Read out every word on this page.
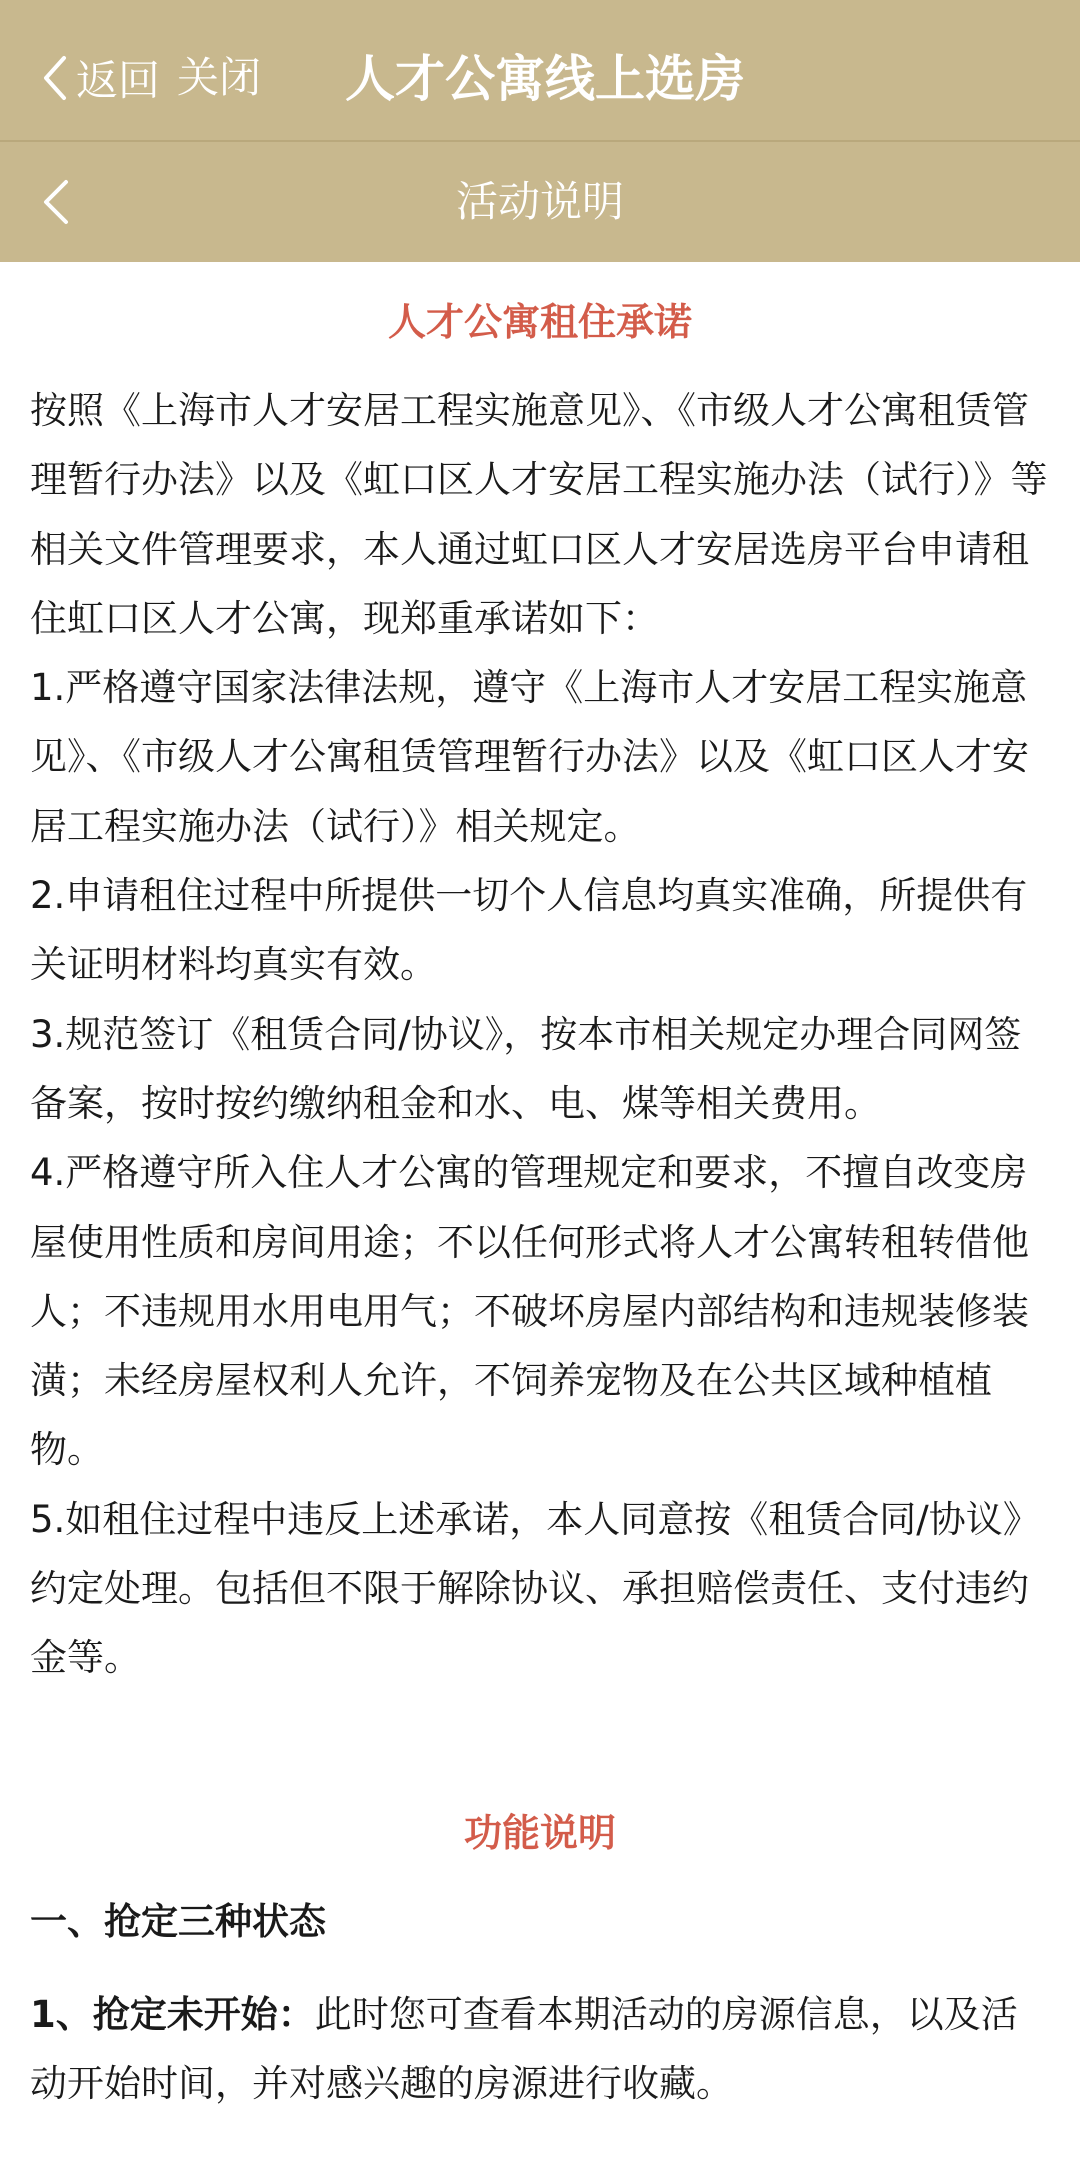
返回 关闭 人才公寓线上选房
活动说明
人才公寓租住承诺

按照《上海市人才安居工程实施意见》、《市级人才公寓租赁管理暂行办法》以及《虹口区人才安居工程实施办法（试行）》等相关文件管理要求，本人通过虹口区人才安居选房平台申请租住虹口区人才公寓，现郑重承诺如下：

1.严格遵守国家法律法规，遵守《上海市人才安居工程实施意见》、《市级人才公寓租赁管理暂行办法》以及《虹口区人才安居工程实施办法（试行）》相关规定。

2.申请租住过程中所提供一切个人信息均真实准确，所提供有关证明材料均真实有效。

3.规范签订《租赁合同/协议》，按本市相关规定办理合同网签备案，按时按约缴纳租金和水、电、煤等相关费用。

4.严格遵守所入住人才公寓的管理规定和要求，不擅自改变房屋使用性质和房间用途；不以任何形式将人才公寓转租转借他人；不违规用水用电用气；不破坏房屋内部结构和违规装修装潢；未经房屋权利人允许，不饲养宠物及在公共区域种植植物。

5.如租住过程中违反上述承诺，本人同意按《租赁合同/协议》约定处理。包括但不限于解除协议、承担赔偿责任、支付违约金等。

功能说明

一、抢定三种状态

1、抢定未开始：此时您可查看本期活动的房源信息，以及活动开始时间，并对感兴趣的房源进行收藏。
